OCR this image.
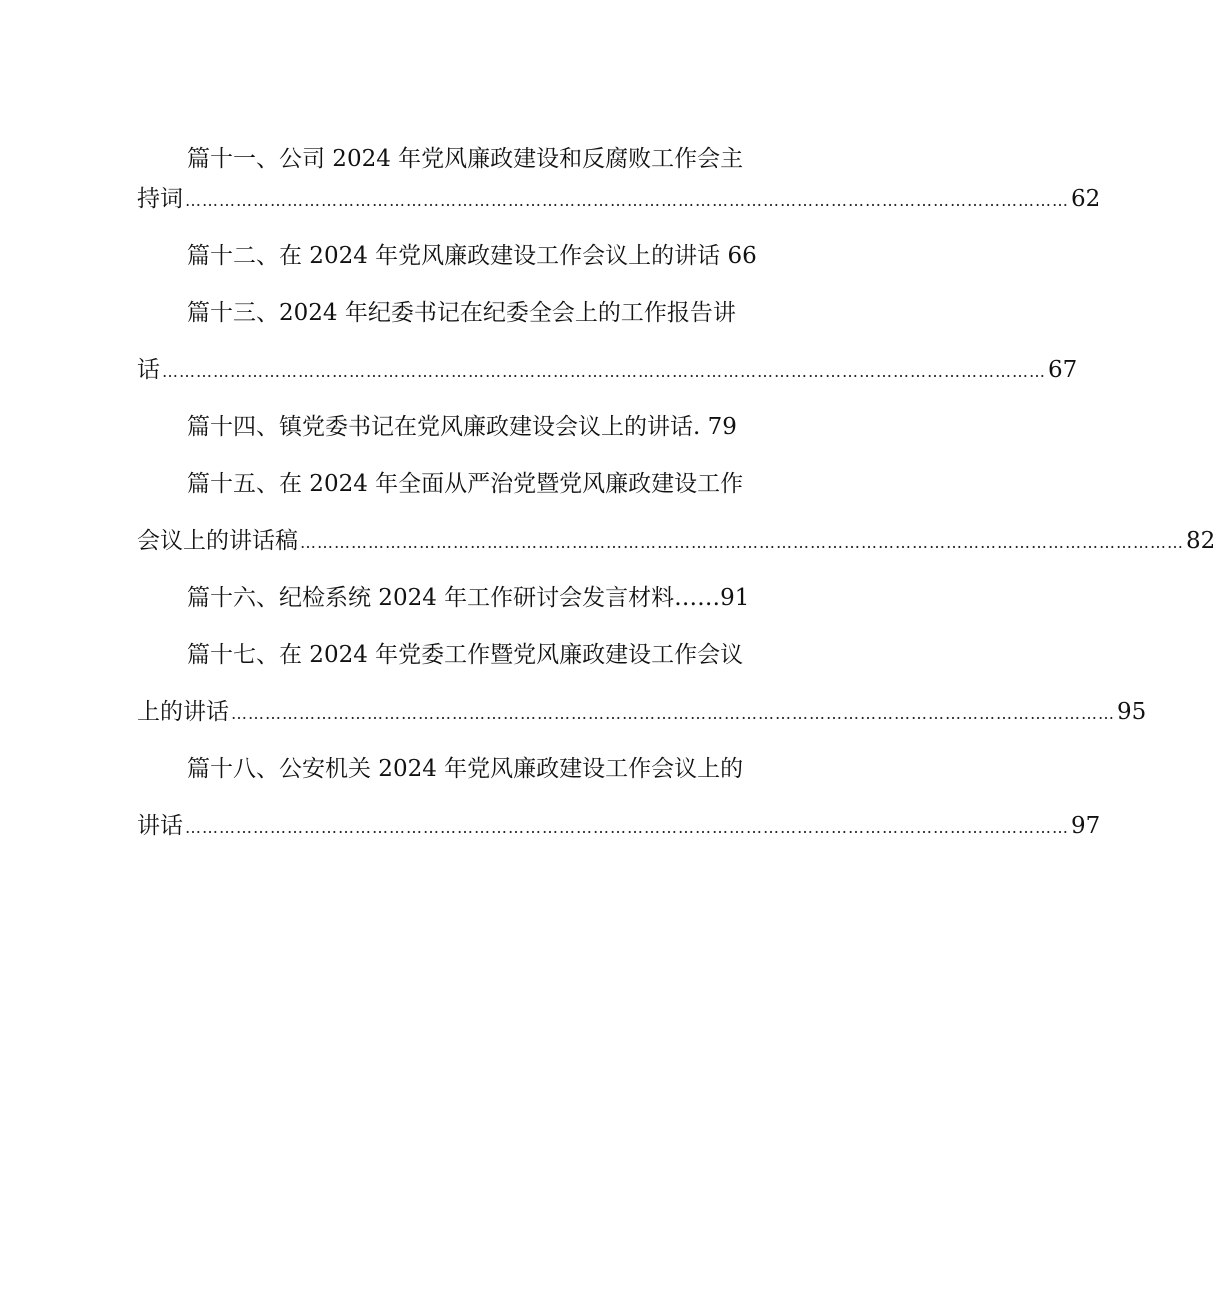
篇十一、公司 2024 年党风廉政建设和反腐败工作会主
持词 ………………………………………………………………………………………………………………………………………… 62
篇十二、在 2024 年党风廉政建设工作会议上的讲话 66
篇十三、2024 年纪委书记在纪委全会上的工作报告讲
话 ………………………………………………………………………………………………………………………………………… 67
篇十四、镇党委书记在党风廉政建设会议上的讲话. 79
篇十五、在 2024 年全面从严治党暨党风廉政建设工作
会议上的讲话稿 ………………………………………………………………………………………………………………………………………… 82
篇十六、纪检系统 2024 年工作研讨会发言材料……91
篇十七、在 2024 年党委工作暨党风廉政建设工作会议
上的讲话 ………………………………………………………………………………………………………………………………………… 95
篇十八、公安机关 2024 年党风廉政建设工作会议上的
讲话 ………………………………………………………………………………………………………………………………………… 97
